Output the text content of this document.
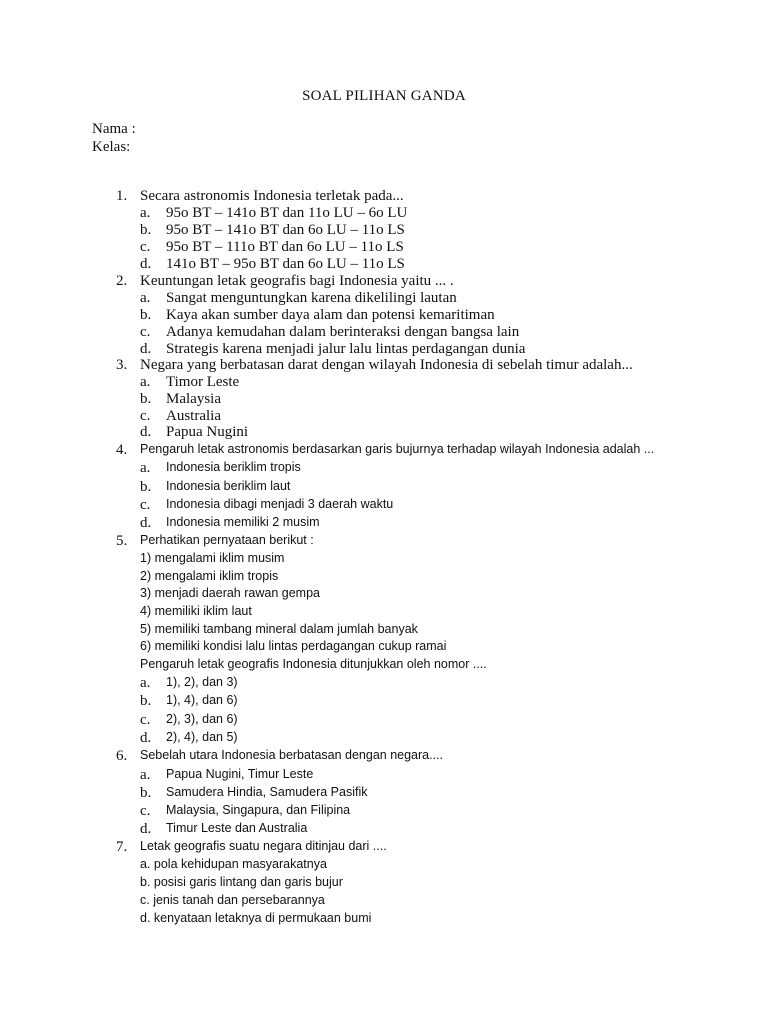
SOAL PILIHAN GANDA
Nama :
Kelas:
1. Secara astronomis Indonesia terletak pada...
a. 95o BT – 141o BT dan 11o LU – 6o LU
b. 95o BT – 141o BT dan 6o LU – 11o LS
c. 95o BT – 111o BT dan 6o LU – 11o LS
d. 141o BT – 95o BT dan 6o LU – 11o LS
2. Keuntungan letak geografis bagi Indonesia yaitu ... .
a. Sangat menguntungkan karena dikelilingi lautan
b. Kaya akan sumber daya alam dan potensi kemaritiman
c. Adanya kemudahan dalam berinteraksi dengan bangsa lain
d. Strategis karena menjadi jalur lalu lintas perdagangan dunia
3. Negara yang berbatasan darat dengan wilayah Indonesia di sebelah timur adalah...
a. Timor Leste
b. Malaysia
c. Australia
d. Papua Nugini
4. Pengaruh letak astronomis berdasarkan garis bujurnya terhadap wilayah Indonesia adalah ...
a. Indonesia beriklim tropis
b. Indonesia beriklim laut
c. Indonesia dibagi menjadi 3 daerah waktu
d. Indonesia memiliki 2 musim
5. Perhatikan pernyataan berikut :
1) mengalami iklim musim
2) mengalami iklim tropis
3) menjadi daerah rawan gempa
4) memiliki iklim laut
5) memiliki tambang mineral dalam jumlah banyak
6) memiliki kondisi lalu lintas perdagangan cukup ramai
Pengaruh letak geografis Indonesia ditunjukkan oleh nomor ....
a. 1), 2), dan 3)
b. 1), 4), dan 6)
c. 2), 3), dan 6)
d. 2), 4), dan 5)
6. Sebelah utara Indonesia berbatasan dengan negara....
a. Papua Nugini, Timur Leste
b. Samudera Hindia, Samudera Pasifik
c. Malaysia, Singapura, dan Filipina
d. Timur Leste dan Australia
7. Letak geografis suatu negara ditinjau dari ....
a. pola kehidupan masyarakatnya
b. posisi garis lintang dan garis bujur
c. jenis tanah dan persebarannya
d. kenyataan letaknya di permukaan bumi
